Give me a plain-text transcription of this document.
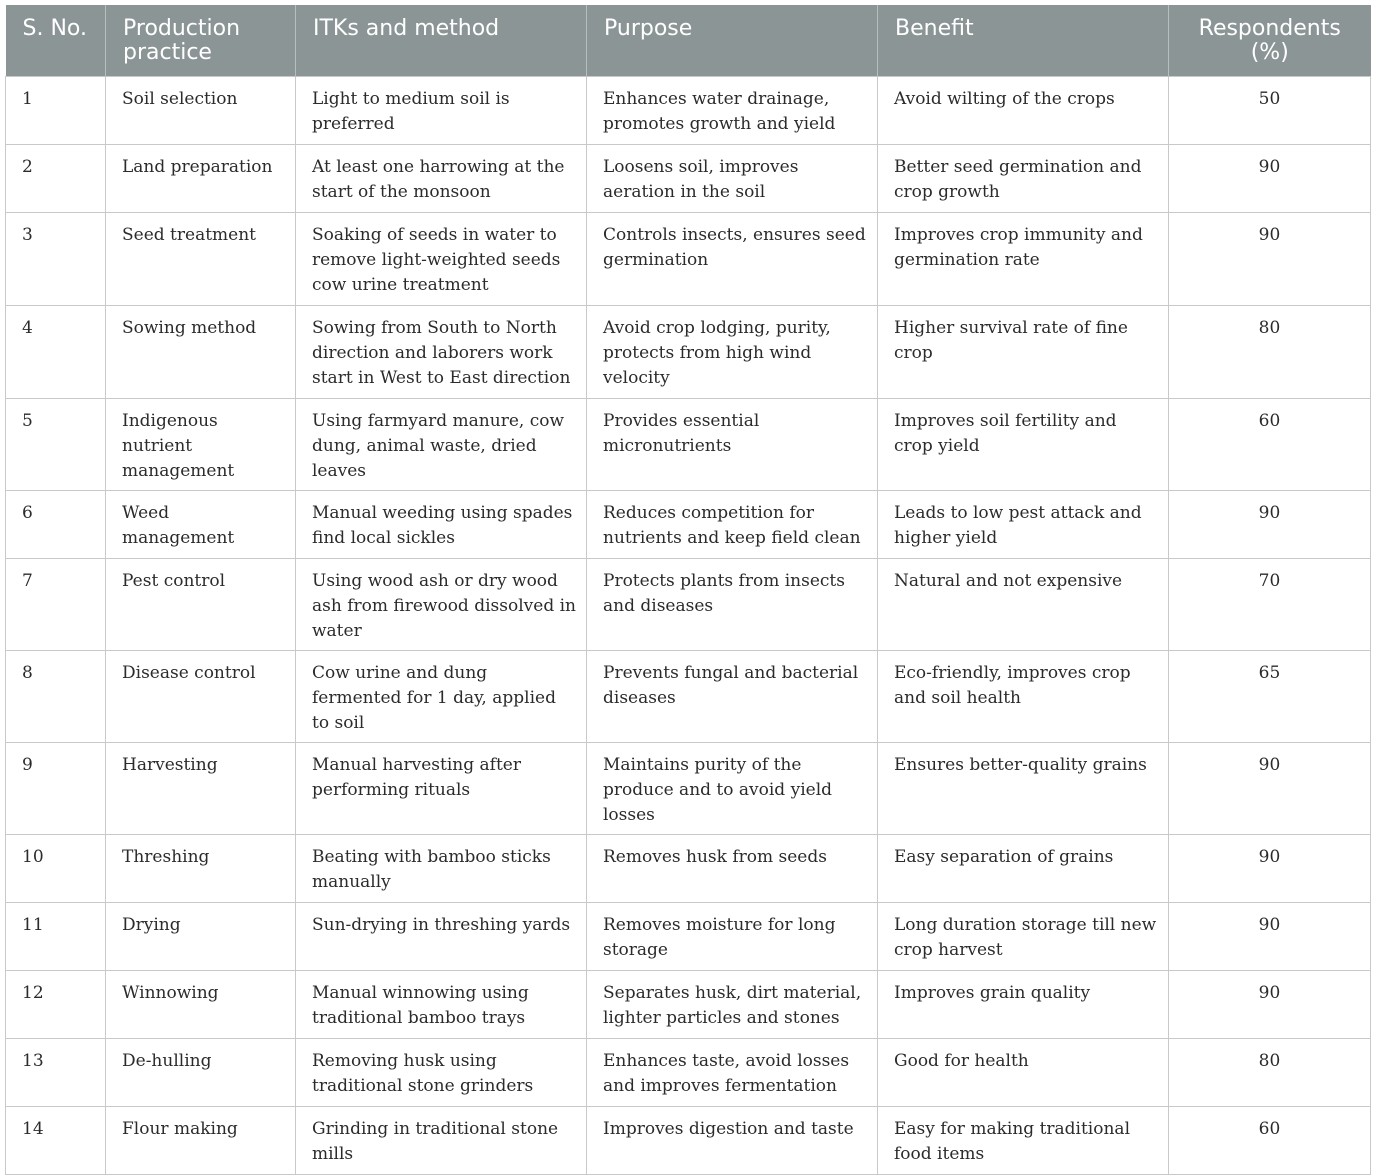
S. No.	Production practice	ITKs and method	Purpose	Benefit	Respondents (%)
1	Soil selection	Light to medium soil is preferred	Enhances water drainage, promotes growth and yield	Avoid wilting of the crops	50
2	Land preparation	At least one harrowing at the start of the monsoon	Loosens soil, improves aeration in the soil	Better seed germination and crop growth	90
3	Seed treatment	Soaking of seeds in water to remove light-weighted seeds cow urine treatment	Controls insects, ensures seed germination	Improves crop immunity and germination rate	90
4	Sowing method	Sowing from South to North direction and laborers work start in West to East direction	Avoid crop lodging, purity, protects from high wind velocity	Higher survival rate of fine crop	80
5	Indigenous nutrient management	Using farmyard manure, cow dung, animal waste, dried leaves	Provides essential micronutrients	Improves soil fertility and crop yield	60
6	Weed management	Manual weeding using spades find local sickles	Reduces competition for nutrients and keep field clean	Leads to low pest attack and higher yield	90
7	Pest control	Using wood ash or dry wood ash from firewood dissolved in water	Protects plants from insects and diseases	Natural and not expensive	70
8	Disease control	Cow urine and dung fermented for 1 day, applied to soil	Prevents fungal and bacterial diseases	Eco-friendly, improves crop and soil health	65
9	Harvesting	Manual harvesting after performing rituals	Maintains purity of the produce and to avoid yield losses	Ensures better-quality grains	90
10	Threshing	Beating with bamboo sticks manually	Removes husk from seeds	Easy separation of grains	90
11	Drying	Sun-drying in threshing yards	Removes moisture for long storage	Long duration storage till new crop harvest	90
12	Winnowing	Manual winnowing using traditional bamboo trays	Separates husk, dirt material, lighter particles and stones	Improves grain quality	90
13	De-hulling	Removing husk using traditional stone grinders	Enhances taste, avoid losses and improves fermentation	Good for health	80
14	Flour making	Grinding in traditional stone mills	Improves digestion and taste	Easy for making traditional food items	60
